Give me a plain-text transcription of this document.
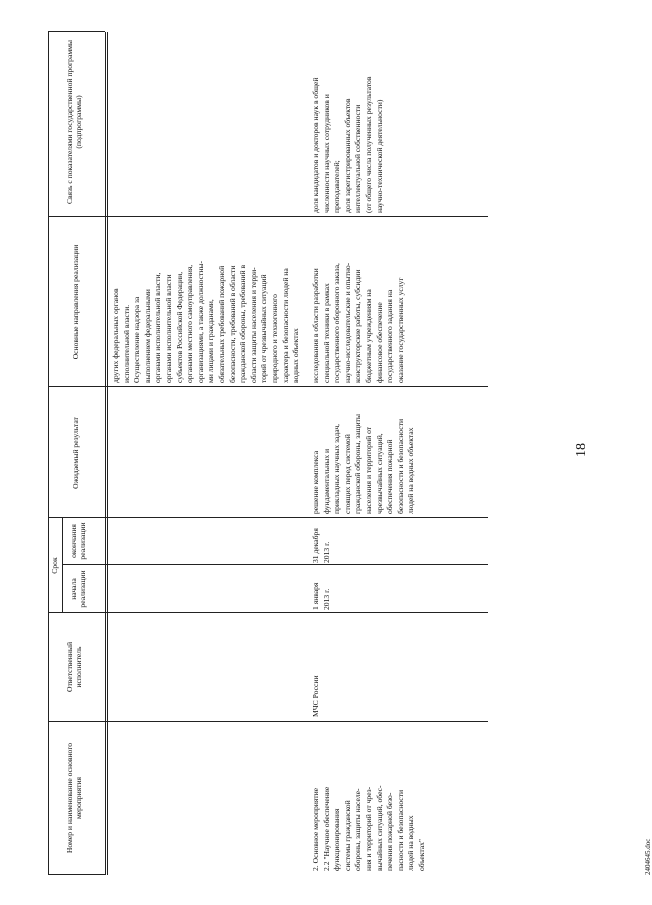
Номер и наименование основного мероприятия
Ответственный исполнитель
Срок
начала реализации
окончания реализации
Ожидаемый результат
Основные направления реализации
Связь с показателями государственной программы (подпрограммы)
других федеральных органов исполнительной власти. Осуществление надзора за выполнением федеральными органами исполнительной власти, органами исполнительной власти субъектов Российской Федерации, органами местного самоуправления, организациями, а также должностны- ми лицами и гражданами, обязательных требований пожарной безопасности, требований в области гражданской обороны, требований в области защиты населения и терри- торий от чрезвычайных ситуаций природного и техногенного характера и безопасности людей на водных объектах
2. Основное мероприятие 2.2 "Научное обеспечение функционирования системы гражданской обороны, защиты населе- ния и территорий от чрез- вычайных ситуаций, обес- печения пожарной безо- пасности и безопасности людей на водных объектах"
МЧС России
1 января 2013 г.
31 декабря 2013 г.
решение комплекса фундаментальных и прикладных научных задач, стоящих перед системой гражданской обороны, защиты населения и территорий от чрезвычайных ситуаций, обеспечения пожарной безопасности и безопасности людей на водных объектах
исследования в области разработки специальной техники в рамках государственного оборонного заказа, научно-исследовательские и опытно- конструкторские работы, субсидии бюджетным учреждениям на финансовое обеспечение государственного задания на оказание государственных услуг
доля кандидатов и докторов наук в общей численности научных сотрудников и преподавателей; доля зарегистрированных объектов интеллектуальной собственности (от общего числа полученных результатов научно-технической деятельности)
18
2404645.doc
